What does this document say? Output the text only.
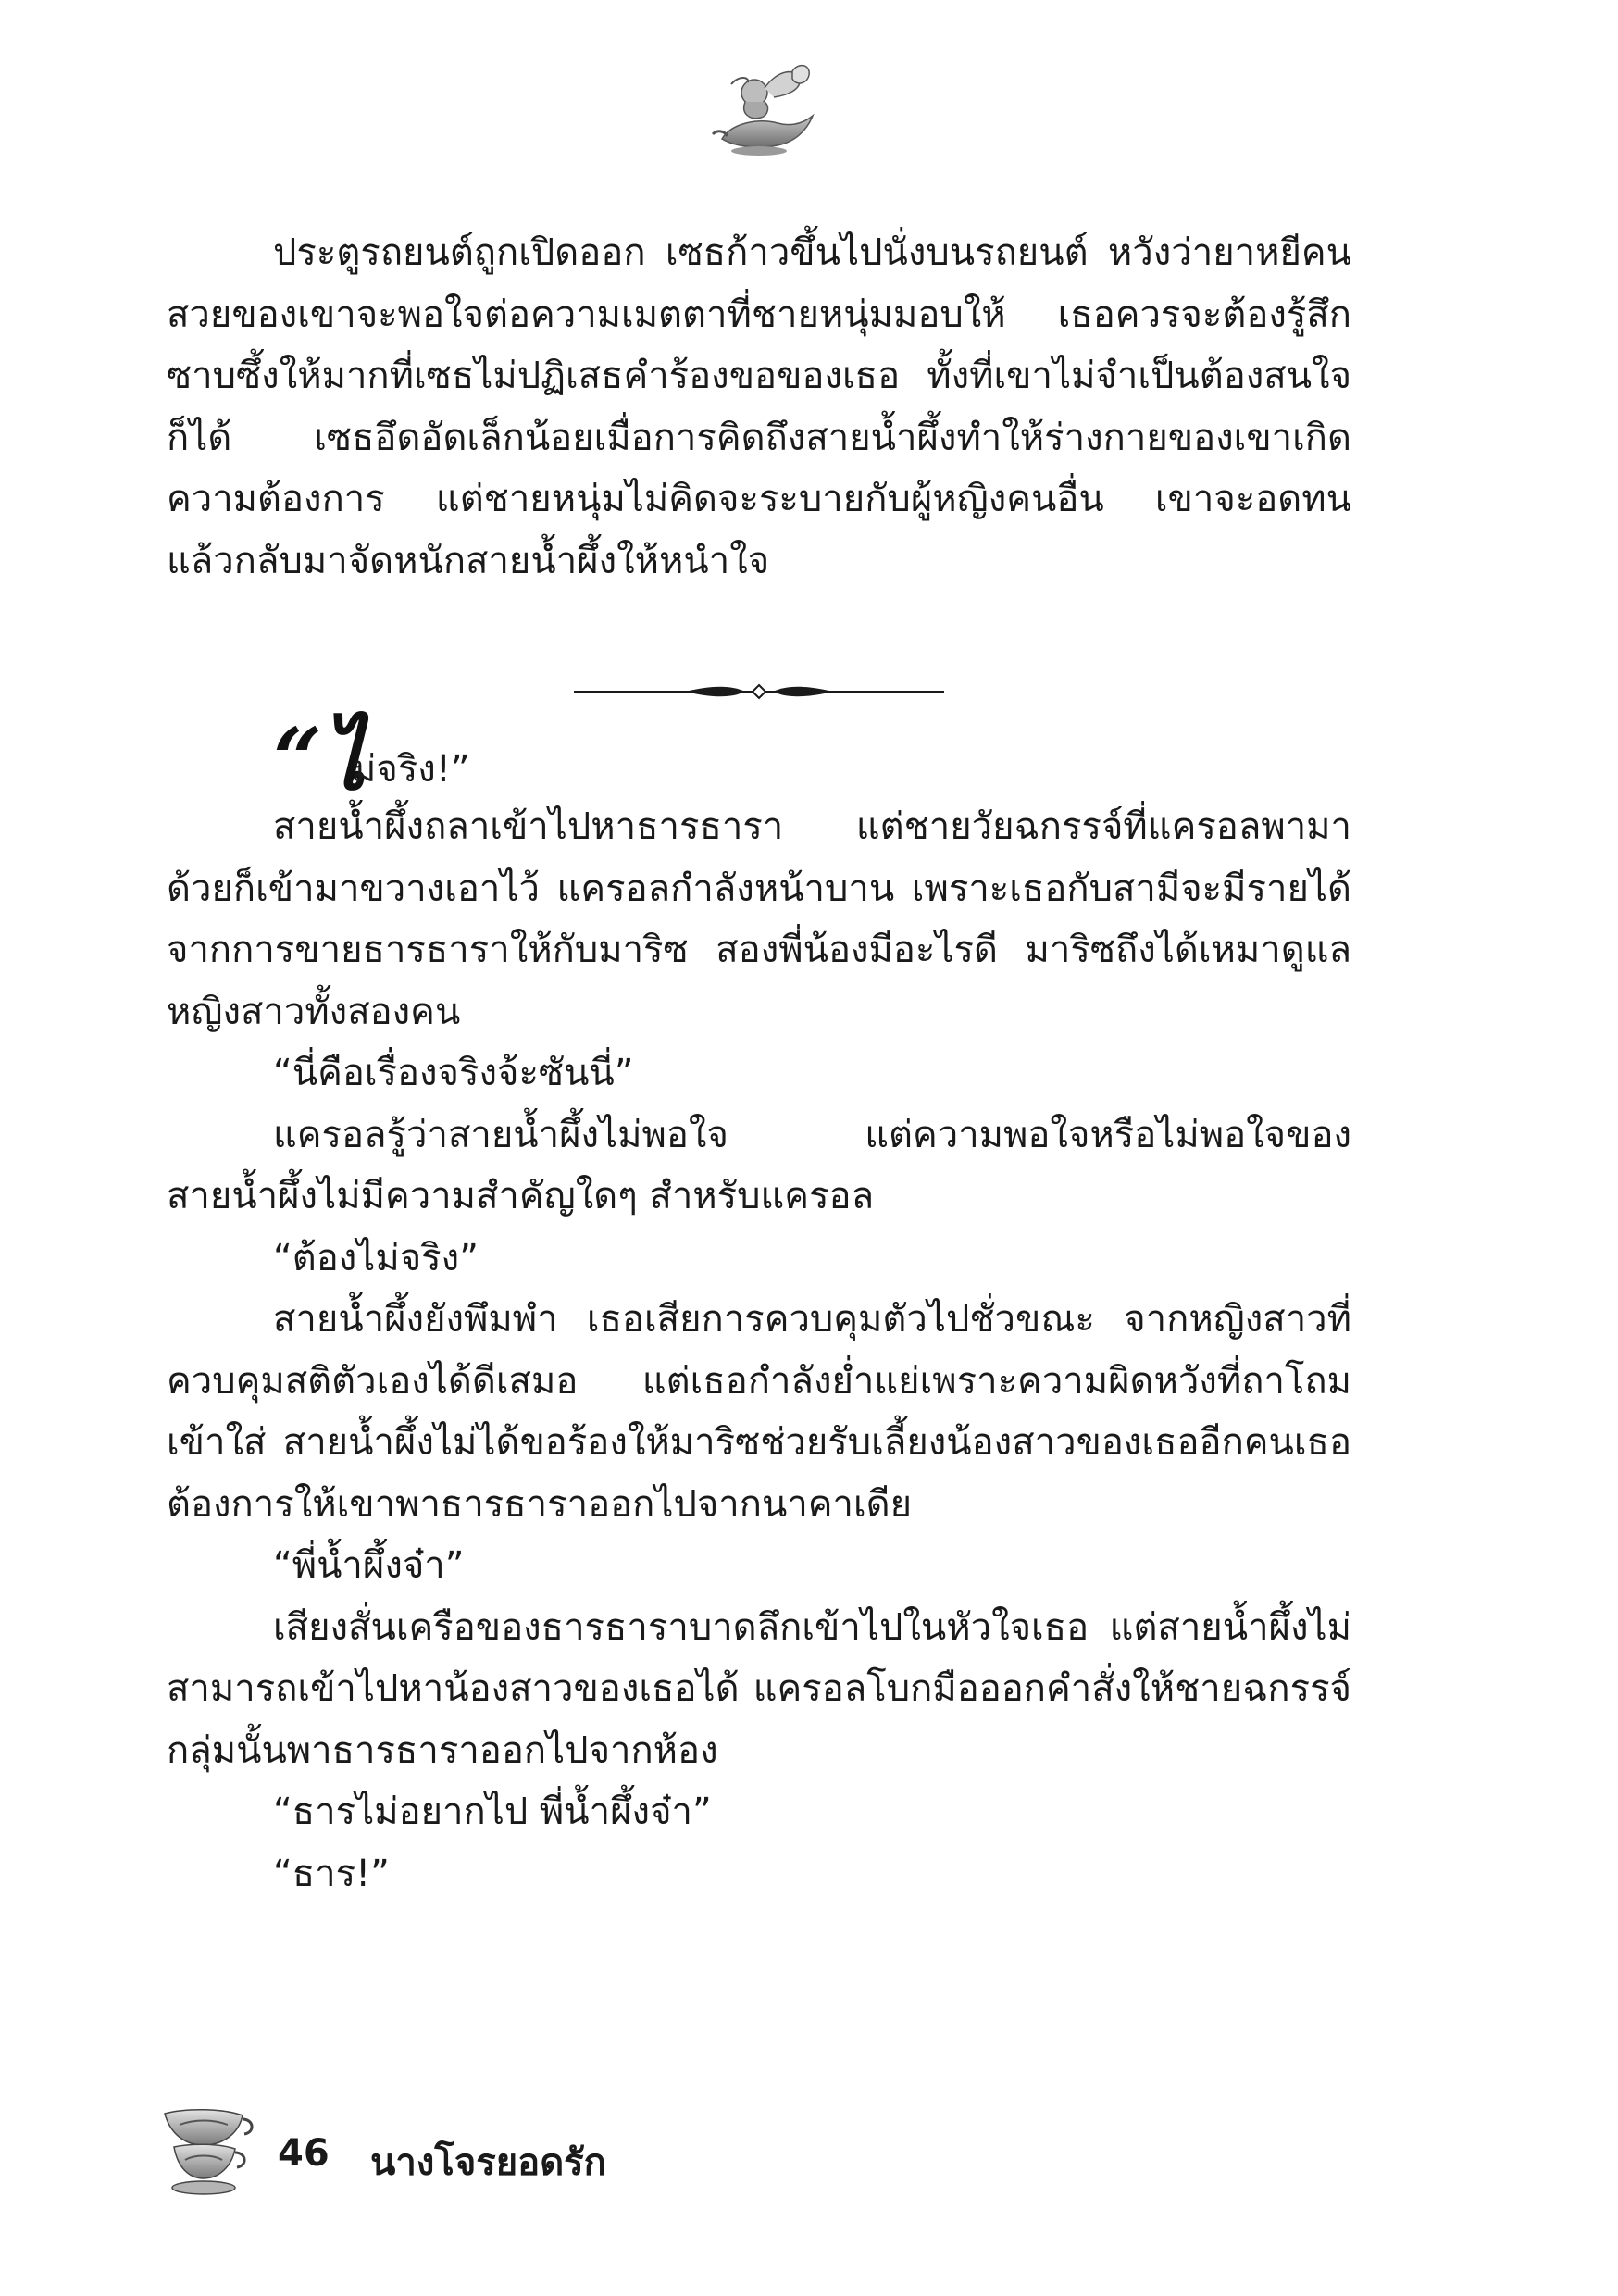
ประตูรถยนต์ถูกเปิดออก เซธก้าวขึ้นไปนั่งบนรถยนต์ หวังว่ายาหยีคนสวยของเขาจะพอใจต่อความเมตตาที่ชายหนุ่มมอบให้ เธอควรจะต้องรู้สึกซาบซึ้งให้มากที่เซธไม่ปฏิเสธคำร้องขอของเธอ ทั้งที่เขาไม่จำเป็นต้องสนใจก็ได้ เซธอึดอัดเล็กน้อยเมื่อการคิดถึงสายน้ำผึ้งทำให้ร่างกายของเขาเกิดความต้องการ แต่ชายหนุ่มไม่คิดจะระบายกับผู้หญิงคนอื่น เขาจะอดทนแล้วกลับมาจัดหนักสายน้ำผึ้งให้หนำใจ

“ไ
ม่จริง!”

สายน้ำผึ้งถลาเข้าไปหาธารธารา แต่ชายวัยฉกรรจ์ที่แครอลพามาด้วยก็เข้ามาขวางเอาไว้ แครอลกำลังหน้าบาน เพราะเธอกับสามีจะมีรายได้จากการขายธารธาราให้กับมาริซ สองพี่น้องมีอะไรดี มาริซถึงได้เหมาดูแลหญิงสาวทั้งสองคน

“นี่คือเรื่องจริงจ้ะซันนี่”

แครอลรู้ว่าสายน้ำผึ้งไม่พอใจ แต่ความพอใจหรือไม่พอใจของสายน้ำผึ้งไม่มีความสำคัญใดๆ สำหรับแครอล

“ต้องไม่จริง”

สายน้ำผึ้งยังพึมพำ เธอเสียการควบคุมตัวไปชั่วขณะ จากหญิงสาวที่ควบคุมสติตัวเองได้ดีเสมอ แต่เธอกำลังย่ำแย่เพราะความผิดหวังที่ถาโถมเข้าใส่ สายน้ำผึ้งไม่ได้ขอร้องให้มาริซช่วยรับเลี้ยงน้องสาวของเธออีกคนเธอต้องการให้เขาพาธารธาราออกไปจากนาคาเดีย

“พี่น้ำผึ้งจ๋า”

เสียงสั่นเครือของธารธาราบาดลึกเข้าไปในหัวใจเธอ แต่สายน้ำผึ้งไม่สามารถเข้าไปหาน้องสาวของเธอได้ แครอลโบกมือออกคำสั่งให้ชายฉกรรจ์กลุ่มนั้นพาธารธาราออกไปจากห้อง

“ธารไม่อยากไป พี่น้ำผึ้งจ๋า”

“ธาร!”

46 นางโจรยอดรัก
